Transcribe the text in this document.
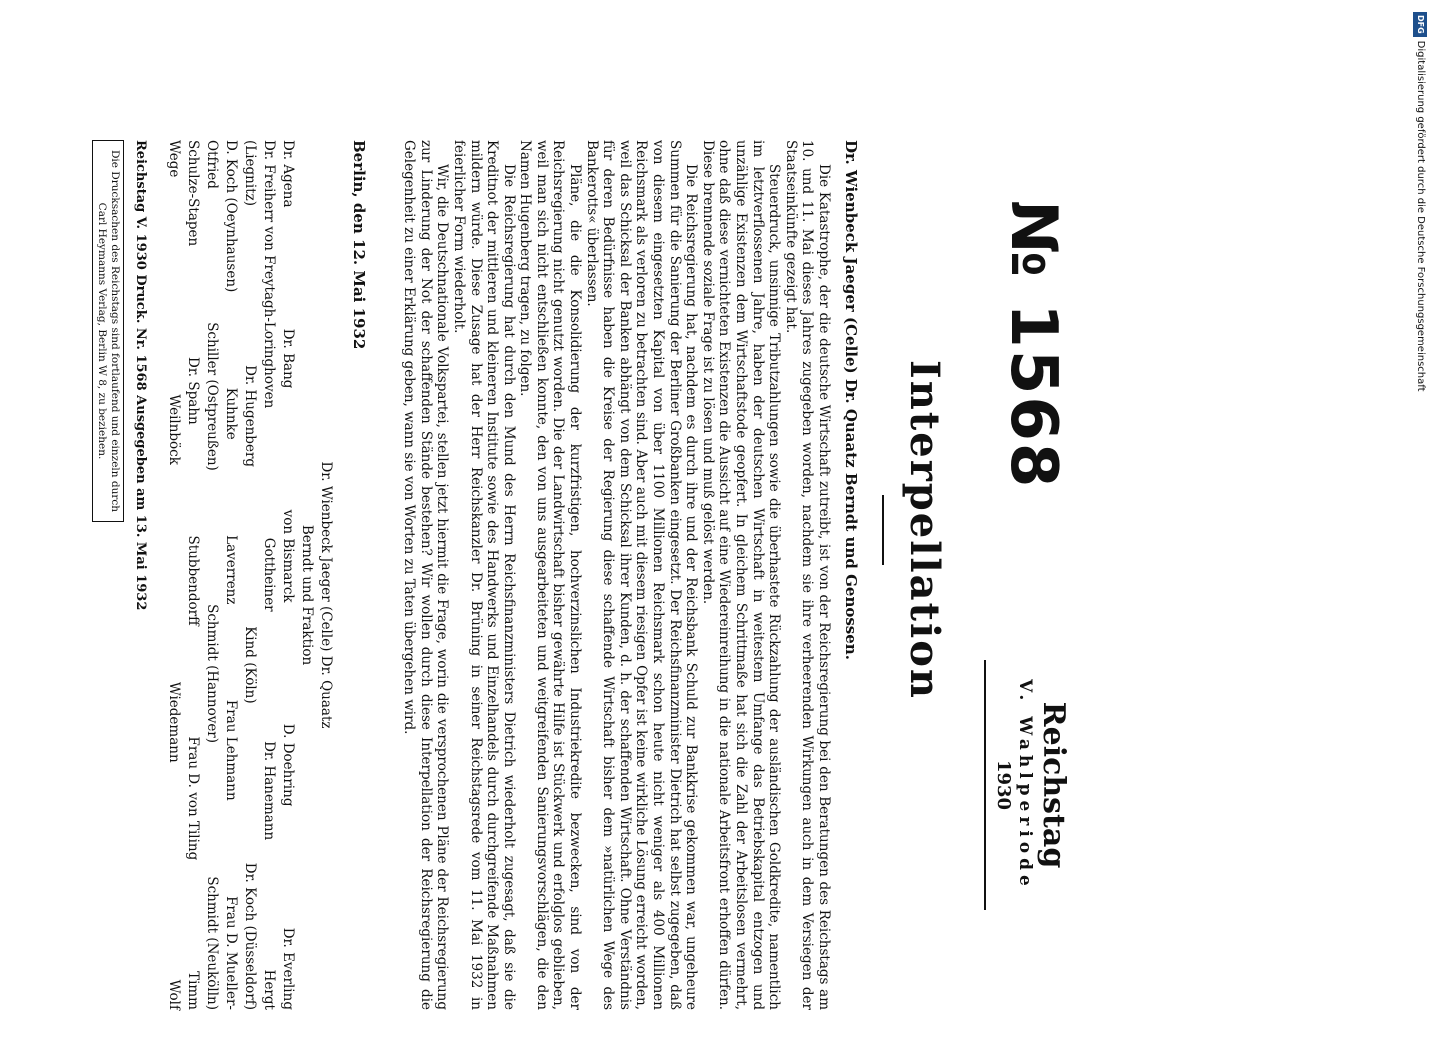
№ 1568
Reichstag
V. Wahlperiode
1930
Interpellation
Dr. Wienbeck Jaeger (Celle) Dr. Quaatz Berndt und Genossen.

Die Katastrophe, der die deutsche Wirtschaft zutreibt, ist von der Reichsregierung bei den Beratungen des Reichstags am 10. und 11. Mai dieses Jahres zugegeben worden, nachdem sie ihre verheerenden Wirkungen auch in dem Versiegen der Staatseinkünfte gezeigt hat.

Steuerdruck, unsinnige Tributzahlungen sowie die überhastete Rückzahlung der ausländischen Goldkredite, namentlich im letztverflossenen Jahre, haben der deutschen Wirtschaft in weitestem Umfange das Betriebskapital entzogen und unzählige Existenzen dem Wirtschaftstode geopfert. In gleichem Schrittmaße hat sich die Zahl der Arbeitslosen vermehrt, ohne daß diese vernichteten Existenzen die Aussicht auf eine Wiedereinreihung in die nationale Arbeitsfront erhoffen dürfen. Diese brennende soziale Frage ist zu lösen und muß gelöst werden.

Die Reichsregierung hat, nachdem es durch ihre und der Reichsbank Schuld zur Bankkrise gekommen war, ungeheure Summen für die Sanierung der Berliner Großbanken eingesetzt. Der Reichsfinanzminister Dietrich hat selbst zugegeben, daß von diesem eingesetzten Kapital von über 1100 Millionen Reichsmark schon heute nicht weniger als 400 Millionen Reichsmark als verloren zu betrachten sind. Aber auch mit diesem riesigen Opfer ist keine wirkliche Lösung erreicht worden, weil das Schicksal der Banken abhängt von dem Schicksal ihrer Kunden, d. h. der schaffenden Wirtschaft. Ohne Verständnis für deren Bedürfnisse haben die Kreise der Regierung diese schaffende Wirtschaft bisher dem »natürlichen Wege des Bankerotts« überlassen.

Pläne, die die Konsolidierung der kurzfristigen, hochverzinslichen Industriekredite bezwecken, sind von der Reichsregierung nicht genutzt worden. Die der Landwirtschaft bisher gewährte Hilfe ist Stückwerk und erfolglos geblieben, weil man sich nicht entschließen konnte, den von uns ausgearbeiteten und weitgreifenden Sanierungsvorschlägen, die den Namen Hugenberg tragen, zu folgen.

Die Reichsregierung hat durch den Mund des Herrn Reichsfinanzministers Dietrich wiederholt zugesagt, daß sie die Kreditnot der mittleren und kleineren Institute sowie des Handwerks und Einzelhandels durch durchgreifende Maßnahmen mildern würde. Diese Zusage hat der Herr Reichskanzler Dr. Brüning in seiner Reichstagsrede vom 11. Mai 1932 in feierlicher Form wiederholt.

Wir, die Deutschnationale Volkspartei, stellen jetzt hiermit die Frage, worin die versprochenen Pläne der Reichsregierung zur Linderung der Not der schaffenden Stände bestehen? Wir wollen durch diese Interpellation der Reichsregierung die Gelegenheit zu einer Erklärung geben, wann sie von Worten zu Taten übergehen wird.

Berlin, den 12. Mai 1932
Dr. Wienbeck Jaeger (Celle) Dr. Quaatz
Berndt und Fraktion
Dr. Agena
Dr. Bang
von Bismarck
D. Doehring
Dr. Everling
Dr. Freiherr von Freytagh-Loringhoven
Gottheiner
Dr. Hanemann
Hergt
(Liegnitz)
Dr. Hugenberg
Kind (Köln)
Dr. Koch (Düsseldorf)
D. Koch (Oeynhausen)
Kuhnke
Laverrenz
Frau Lehmann
Frau D. Mueller-
Otfried
Schiller (Ostpreußen)
Schmidt (Hannover)
Schmidt (Neukölln)
Schulze-Stapen
Dr. Spahn
Stubbendorff
Frau D. von Tiling
Timm
Wege
Weilnböck
Wiedemann
Wolf
Reichstag V. 1930 Druck. Nr. 1568 Ausgegeben am 13. Mai 1932
Die Drucksachen des Reichstags sind fortlaufend und einzeln durch Carl Heymanns Verlag, Berlin W 8, zu beziehen.
DFGDigitalisierung gefördert durch die Deutsche Forschungsgemeinschaft
